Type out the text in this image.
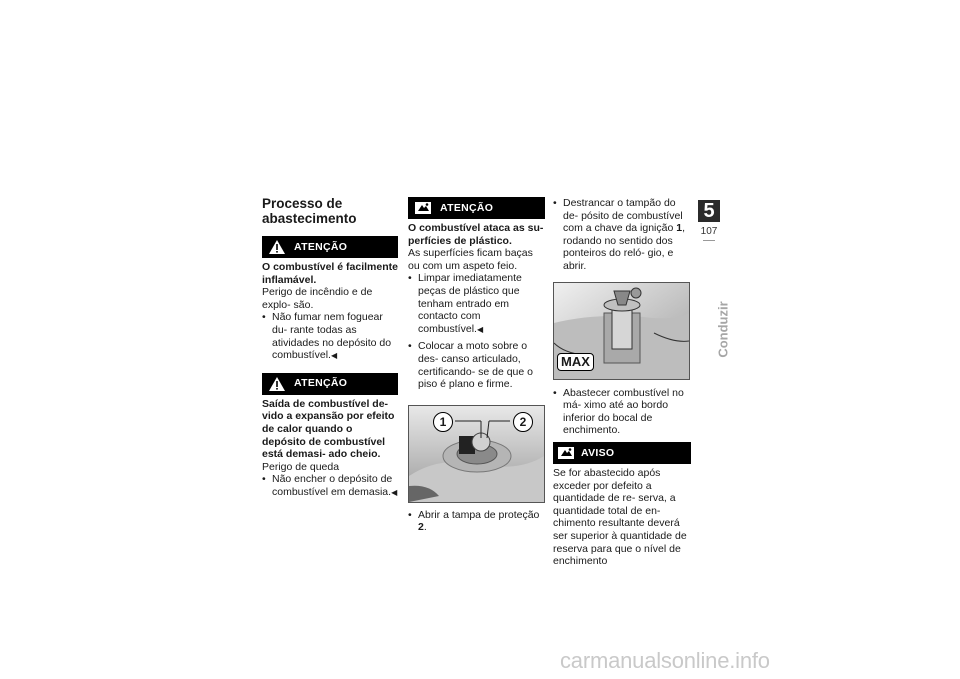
Processo de abastecimento
ATENÇÃO

O combustível é facilmente inflamável.

Perigo de incêndio e de explo- são.

• Não fumar nem foguear du- rante todas as atividades no depósito do combustível.◀
ATENÇÃO

Saída de combustível de- vido a expansão por efeito de calor quando o depósito de combustível está demasi- ado cheio.

Perigo de queda

• Não encher o depósito de combustível em demasia.◀
ATENÇÃO

O combustível ataca as su- perfícies de plástico.

As superfícies ficam baças ou com um aspeto feio.

• Limpar imediatamente peças de plástico que tenham entrado em contacto com combustível.◀
• Colocar a moto sobre o des- canso articulado, certificando- se de que o piso é plano e firme.
1	2
• Abrir a tampa de proteção 2.
• Destrancar o tampão do de- pósito de combustível com a chave da ignição 1, rodando no sentido dos ponteiros do reló- gio, e abrir.
MAX
• Abastecer combustível no má- ximo até ao bordo inferior do bocal de enchimento.
AVISO

Se for abastecido após exceder por defeito a quantidade de re- serva, a quantidade total de en- chimento resultante deverá ser superior à quantidade de reserva para que o nível de enchimento

5
107
Conduzir
carmanualsonline.info
